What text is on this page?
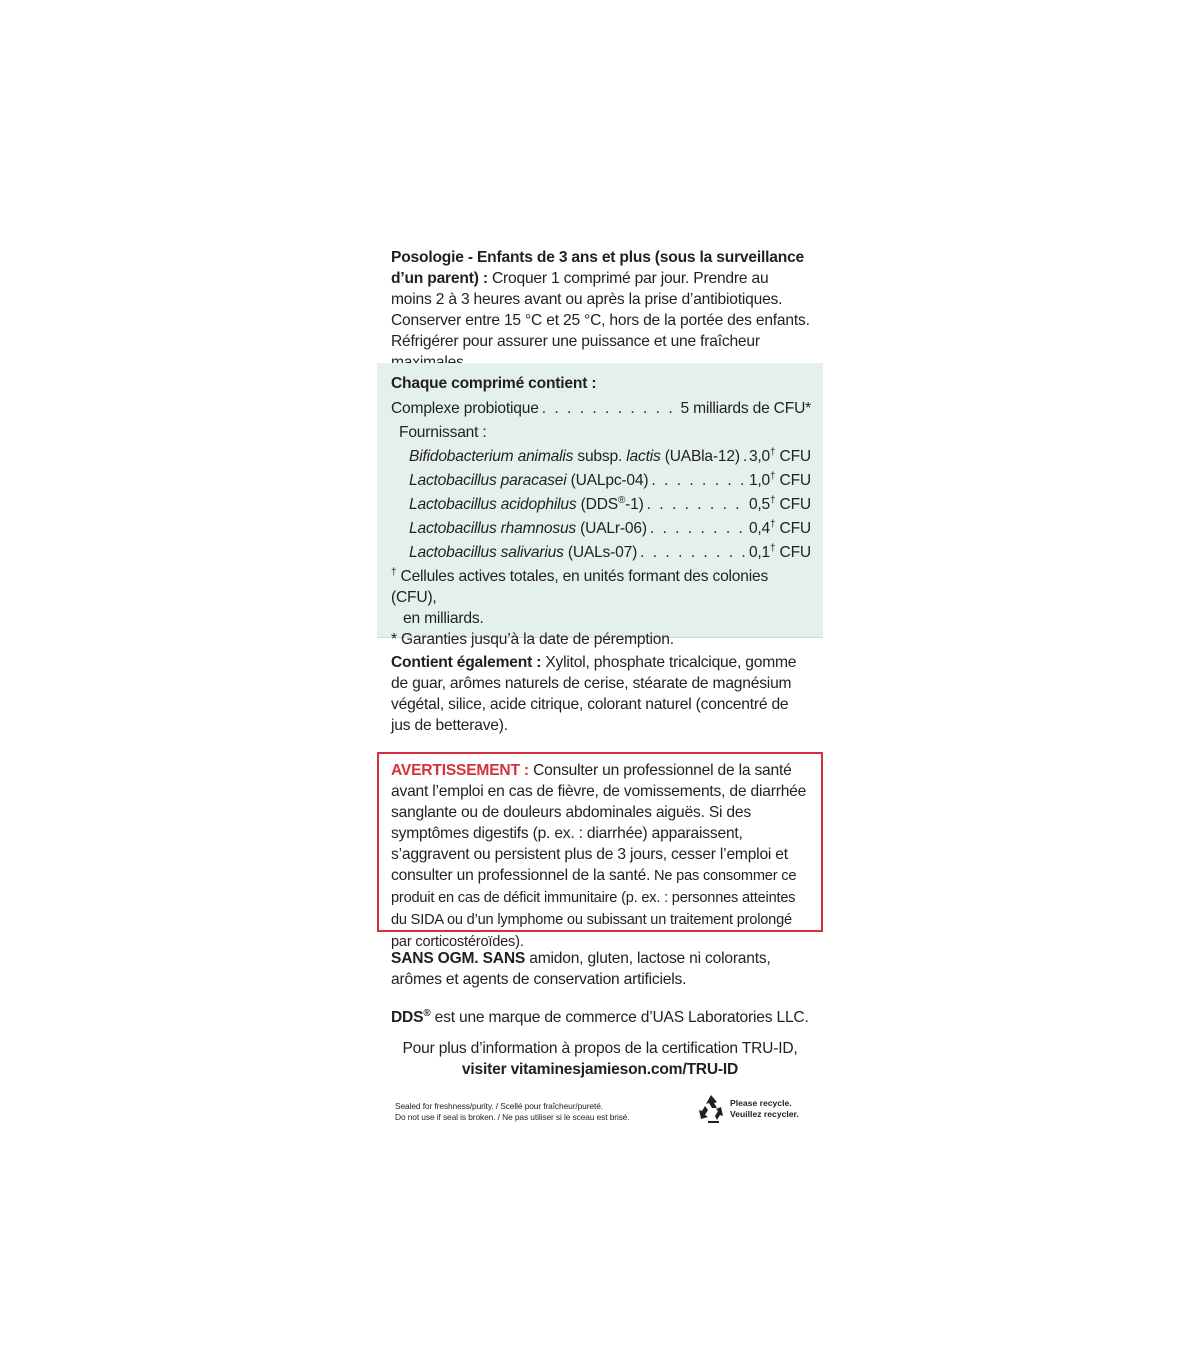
Posologie - Enfants de 3 ans et plus (sous la surveillance d’un parent) : Croquer 1 comprimé par jour. Prendre au moins 2 à 3 heures avant ou après la prise d’antibiotiques. Conserver entre 15 °C et 25 °C, hors de la portée des enfants. Réfrigérer pour assurer une puissance et une fraîcheur
Chaque comprimé contient :
Complexe probiotique . . .	5 milliards de CFU*
Fournissant :
Bifidobacterium animalis subsp. lactis (UABla-12) . . . 3,0† CFU
Lactobacillus paracasei (UALpc-04) . . .	1,0† CFU
Lactobacillus acidophilus (DDS®-1) . . .	0,5† CFU
Lactobacillus rhamnosus (UALr-06) . . .	0,4† CFU
Lactobacillus salivarius (UALs-07) . . .	0,1† CFU
† Cellules actives totales, en unités formant des colonies (CFU),
en milliards.
* Garanties jusqu’à la date de péremption.
Contient également : Xylitol, phosphate tricalcique, gomme de guar, arômes naturels de cerise, stéarate de magnésium végétal, silice, acide citrique, colorant naturel (concentré de jus de betterave).
AVERTISSEMENT : Consulter un professionnel de la santé avant l’emploi en cas de fièvre, de vomissements, de diarrhée sanglante ou de douleurs abdominales aiguës. Si des symptômes digestifs (p. ex. : diarrhée) apparaissent, s’aggravent ou persistent plus de 3 jours, cesser l’emploi et consulter un professionnel de la santé. Ne pas consommer ce produit en cas de déficit immunitaire (p. ex. : personnes atteintes du SIDA ou d’un lymphome ou subissant un traitement prolongé par corticostéroïdes).
SANS OGM. SANS amidon, gluten, lactose ni colorants, arômes et agents de conservation artificiels.
DDS® est une marque de commerce d’UAS Laboratories LLC.
Pour plus d’information à propos de la certification TRU-ID,
visiter vitaminesjamieson.com/TRU-ID
Sealed for freshness/purity. / Scellé pour fraîcheur/pureté.
Do not use if seal is broken. / Ne pas utiliser si le sceau est brisé.
Please recycle.
Veuillez recycler.
